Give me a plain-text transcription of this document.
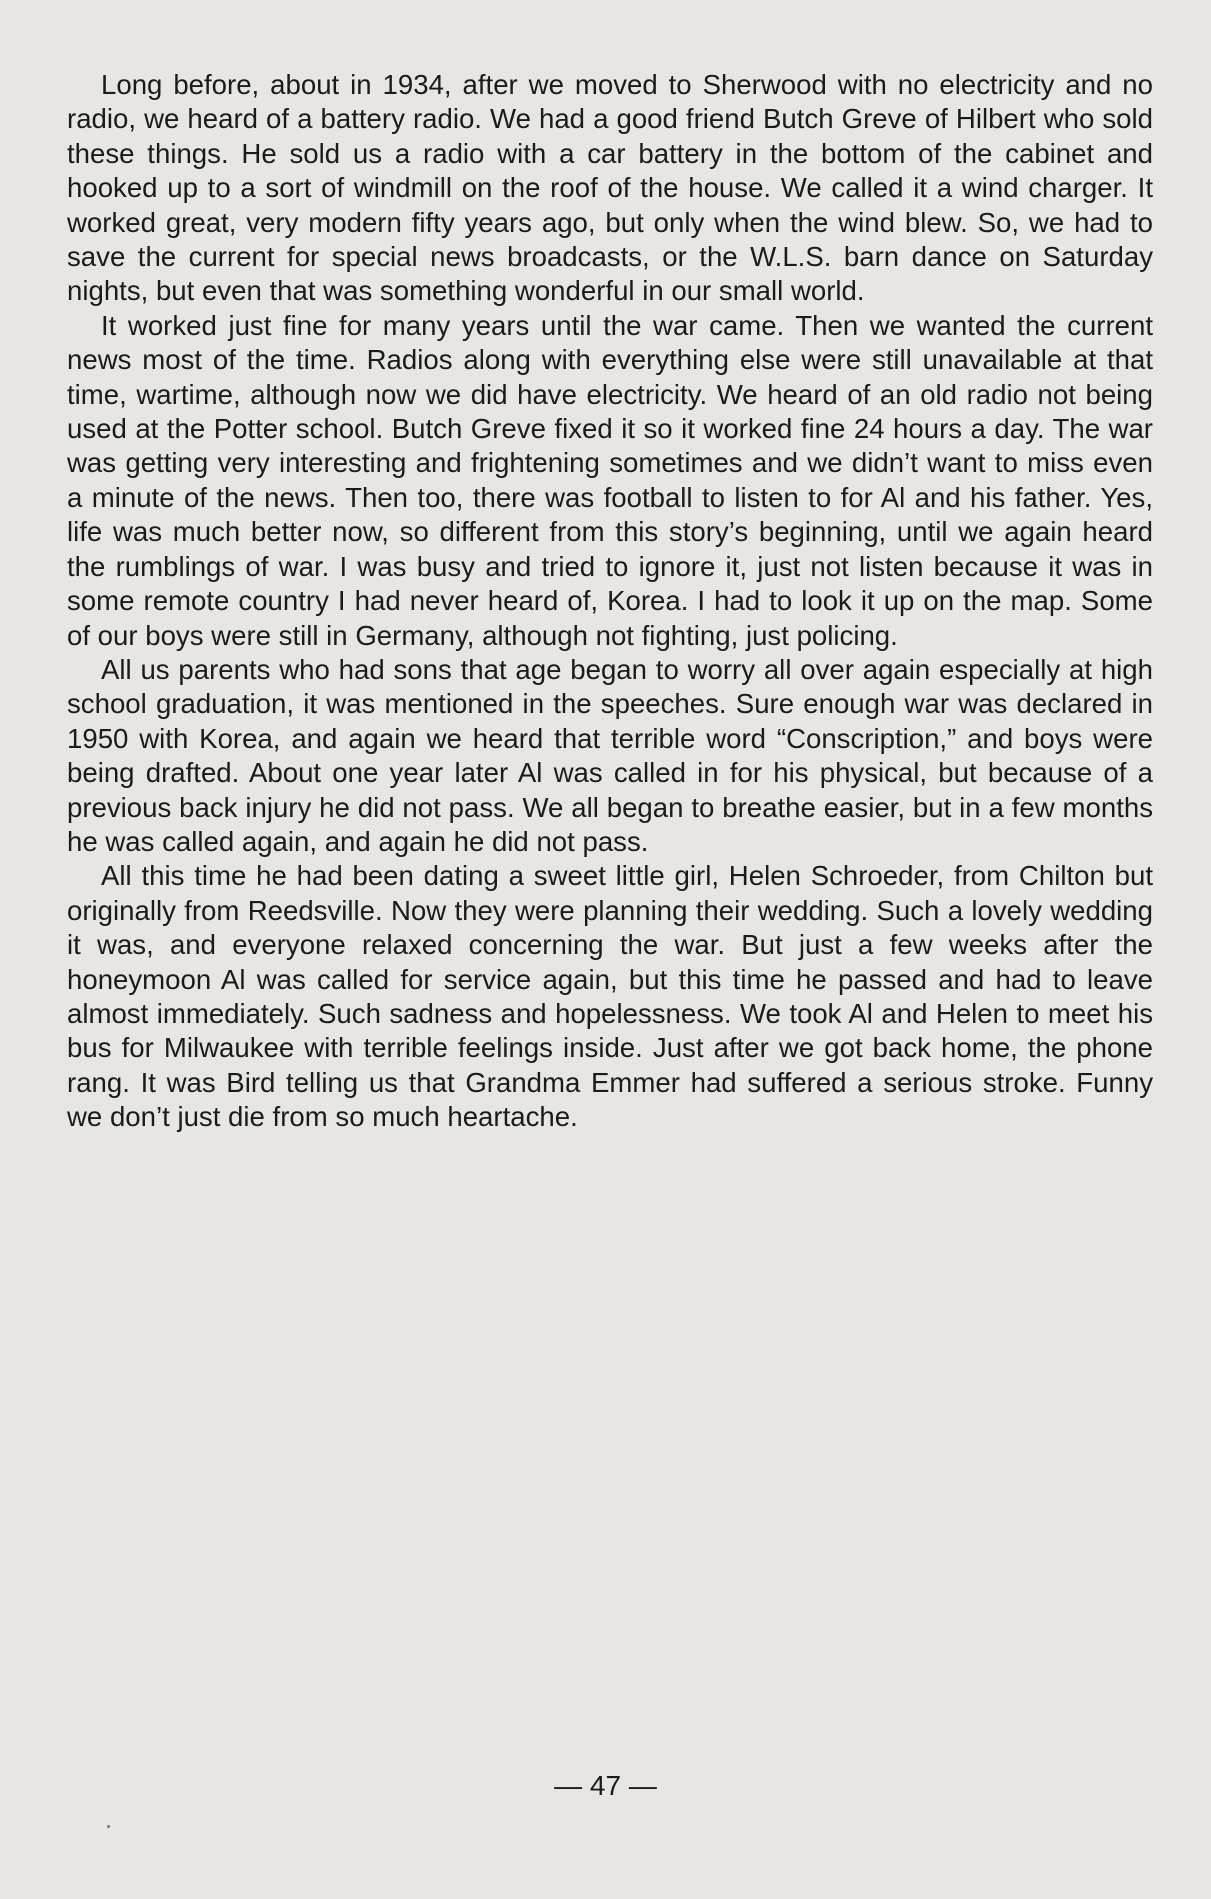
Long before, about in 1934, after we moved to Sherwood with no electricity and no radio, we heard of a battery radio. We had a good friend Butch Greve of Hilbert who sold these things. He sold us a radio with a car battery in the bottom of the cabinet and hooked up to a sort of windmill on the roof of the house. We called it a wind charger. It worked great, very modern fifty years ago, but only when the wind blew. So, we had to save the current for special news broadcasts, or the W.L.S. barn dance on Saturday nights, but even that was something wonderful in our small world.

It worked just fine for many years until the war came. Then we wanted the current news most of the time. Radios along with everything else were still unavailable at that time, wartime, although now we did have electricity. We heard of an old radio not being used at the Potter school. Butch Greve fixed it so it worked fine 24 hours a day. The war was getting very interesting and frightening sometimes and we didn’t want to miss even a minute of the news. Then too, there was football to listen to for Al and his father. Yes, life was much better now, so different from this story’s beginning, until we again heard the rumblings of war. I was busy and tried to ignore it, just not listen because it was in some remote country I had never heard of, Korea. I had to look it up on the map. Some of our boys were still in Germany, although not fighting, just policing.

All us parents who had sons that age began to worry all over again especially at high school graduation, it was mentioned in the speeches. Sure enough war was declared in 1950 with Korea, and again we heard that terrible word “Conscription,” and boys were being drafted. About one year later Al was called in for his physical, but because of a previous back injury he did not pass. We all began to breathe easier, but in a few months he was called again, and again he did not pass.

All this time he had been dating a sweet little girl, Helen Schroeder, from Chilton but originally from Reedsville. Now they were planning their wedding. Such a lovely wedding it was, and everyone relaxed concerning the war. But just a few weeks after the honeymoon Al was called for service again, but this time he passed and had to leave almost immediately. Such sadness and hopelessness. We took Al and Helen to meet his bus for Milwaukee with terrible feelings inside. Just after we got back home, the phone rang. It was Bird telling us that Grandma Emmer had suffered a serious stroke. Funny we don’t just die from so much heartache.

— 47 —
